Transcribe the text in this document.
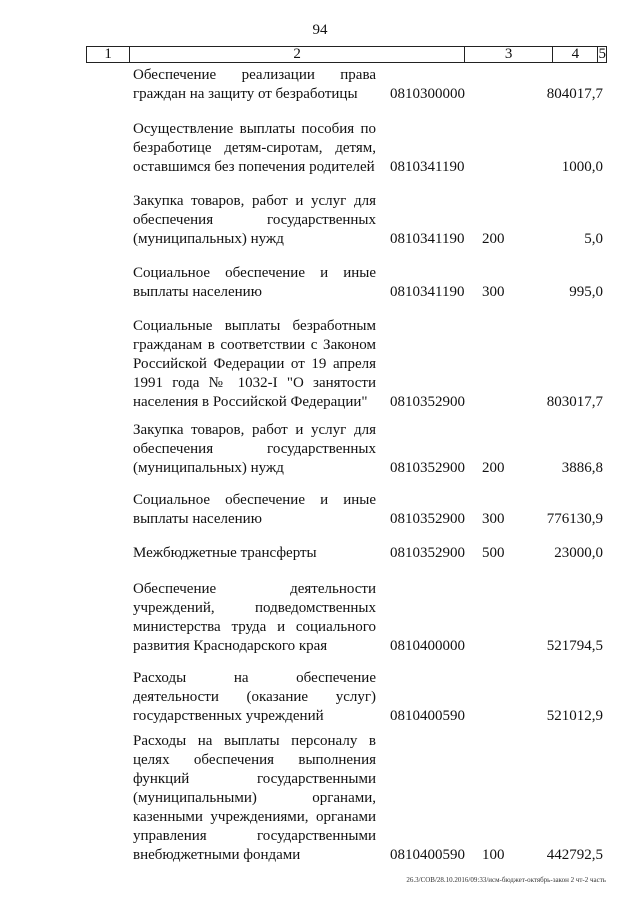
94
1	2	3	4	5
Обеспечение реализации права граждан на защиту от безработицы	0810300000	804017,7
Осуществление выплаты пособия по безработице детям-сиротам, детям, оставшимся без попечения родителей 0810341190	1000,0
Закупка товаров, работ и услуг для обеспечения государственных (муниципальных) нужд	0810341190 200	5,0
Социальное обеспечение и иные выплаты населению	0810341190 300	995,0
Социальные выплаты безработным гражданам в соответствии с Законом Российской Федерации от 19 апреля 1991 года № 1032-I "О занятости населения в Российской Федерации"	0810352900	803017,7
Закупка товаров, работ и услуг для обеспечения государственных (муниципальных) нужд	0810352900 200	3886,8
Социальное обеспечение и иные выплаты населению	0810352900 300	776130,9
Межбюджетные трансферты	0810352900 500	23000,0
Обеспечение деятельности учреждений, подведомственных министерства труда и социального развития Краснодарского края	0810400000	521794,5
Расходы на обеспечение деятельности (оказание услуг) государственных учреждений	0810400590	521012,9
Расходы на выплаты персоналу в целях обеспечения выполнения функций государственными (муниципальными) органами, казенными учреждениями, органами управления государственными внебюджетными фондами	0810400590 100	442792,5
26.3/СОВ/28.10.2016/09:33/исм-бюджет-октябрь-закон 2 чт-2 часть
